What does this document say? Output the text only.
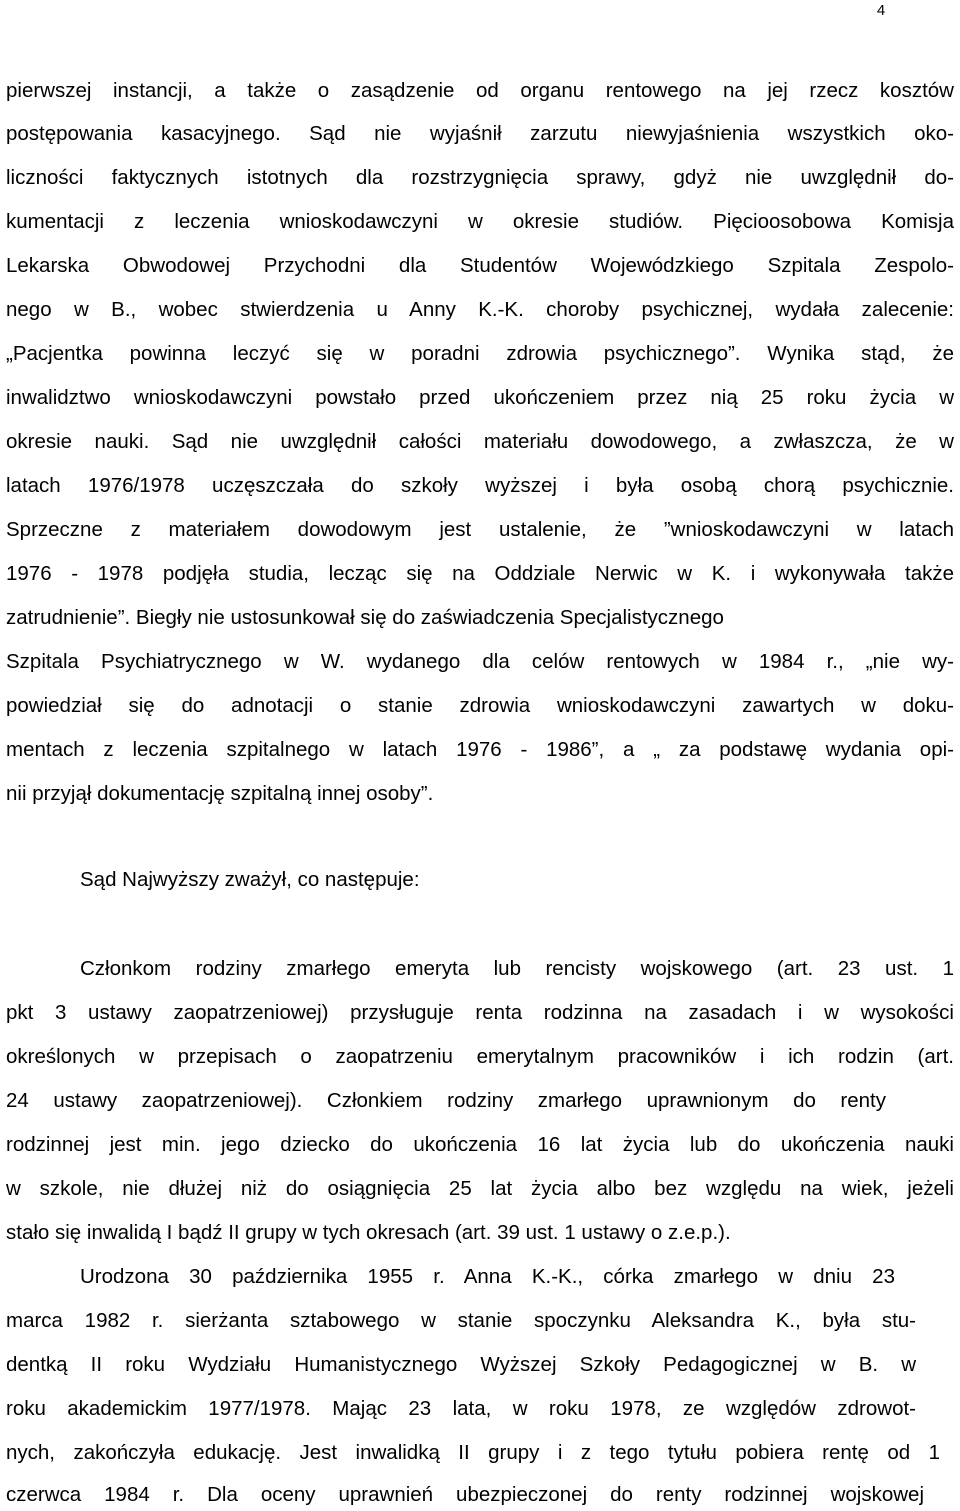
4
pierwszej instancji, a także o zasądzenie od organu rentowego na jej rzecz kosztów
postępowania kasacyjnego. Sąd nie wyjaśnił zarzutu niewyjaśnienia wszystkich oko-
liczności faktycznych istotnych dla rozstrzygnięcia sprawy, gdyż nie uwzględnił do-
kumentacji z leczenia wnioskodawczyni w okresie studiów. Pięcioosobowa Komisja
Lekarska Obwodowej Przychodni dla Studentów Wojewódzkiego Szpitala Zespolo-
nego w B., wobec stwierdzenia u Anny K.-K. choroby psychicznej, wydała zalecenie:
„Pacjentka powinna leczyć się w poradni zdrowia psychicznego”. Wynika stąd, że
inwalidztwo wnioskodawczyni powstało przed ukończeniem przez nią 25 roku życia w
okresie nauki. Sąd nie uwzględnił całości materiału dowodowego, a zwłaszcza, że w
latach 1976/1978 uczęszczała do szkoły wyższej i była osobą chorą psychicznie.
Sprzeczne z materiałem dowodowym jest ustalenie, że ”wnioskodawczyni w latach
1976 - 1978 podjęła studia, lecząc się na Oddziale Nerwic w K. i wykonywała także
zatrudnienie”. Biegły nie ustosunkował się do zaświadczenia Specjalistycznego
Szpitala Psychiatrycznego w W. wydanego dla celów rentowych w 1984 r., „nie wy-
powiedział się do adnotacji o stanie zdrowia wnioskodawczyni zawartych w doku-
mentach z leczenia szpitalnego w latach 1976 - 1986”, a „ za podstawę wydania opi-
nii przyjął dokumentację szpitalną innej osoby”.
Sąd Najwyższy zważył, co następuje:
Członkom rodziny zmarłego emeryta lub rencisty wojskowego (art. 23 ust. 1
pkt 3 ustawy zaopatrzeniowej) przysługuje renta rodzinna na zasadach i w wysokości
określonych w przepisach o zaopatrzeniu emerytalnym pracowników i ich rodzin (art.
24 ustawy zaopatrzeniowej). Członkiem rodziny zmarłego uprawnionym do renty
rodzinnej jest min. jego dziecko do ukończenia 16 lat życia lub do ukończenia nauki
w szkole, nie dłużej niż do osiągnięcia 25 lat życia albo bez względu na wiek, jeżeli
stało się inwalidą I bądź II grupy w tych okresach (art. 39 ust. 1 ustawy o z.e.p.).
Urodzona 30 października 1955 r. Anna K.-K., córka zmarłego w dniu 23
marca 1982 r. sierżanta sztabowego w stanie spoczynku Aleksandra K., była stu-
dentką II roku Wydziału Humanistycznego Wyższej Szkoły Pedagogicznej w B. w
roku akademickim 1977/1978. Mając 23 lata, w roku 1978, ze względów zdrowot-
nych, zakończyła edukację. Jest inwalidką II grupy i z tego tytułu pobiera rentę od 1
czerwca 1984 r. Dla oceny uprawnień ubezpieczonej do renty rodzinnej wojskowej
